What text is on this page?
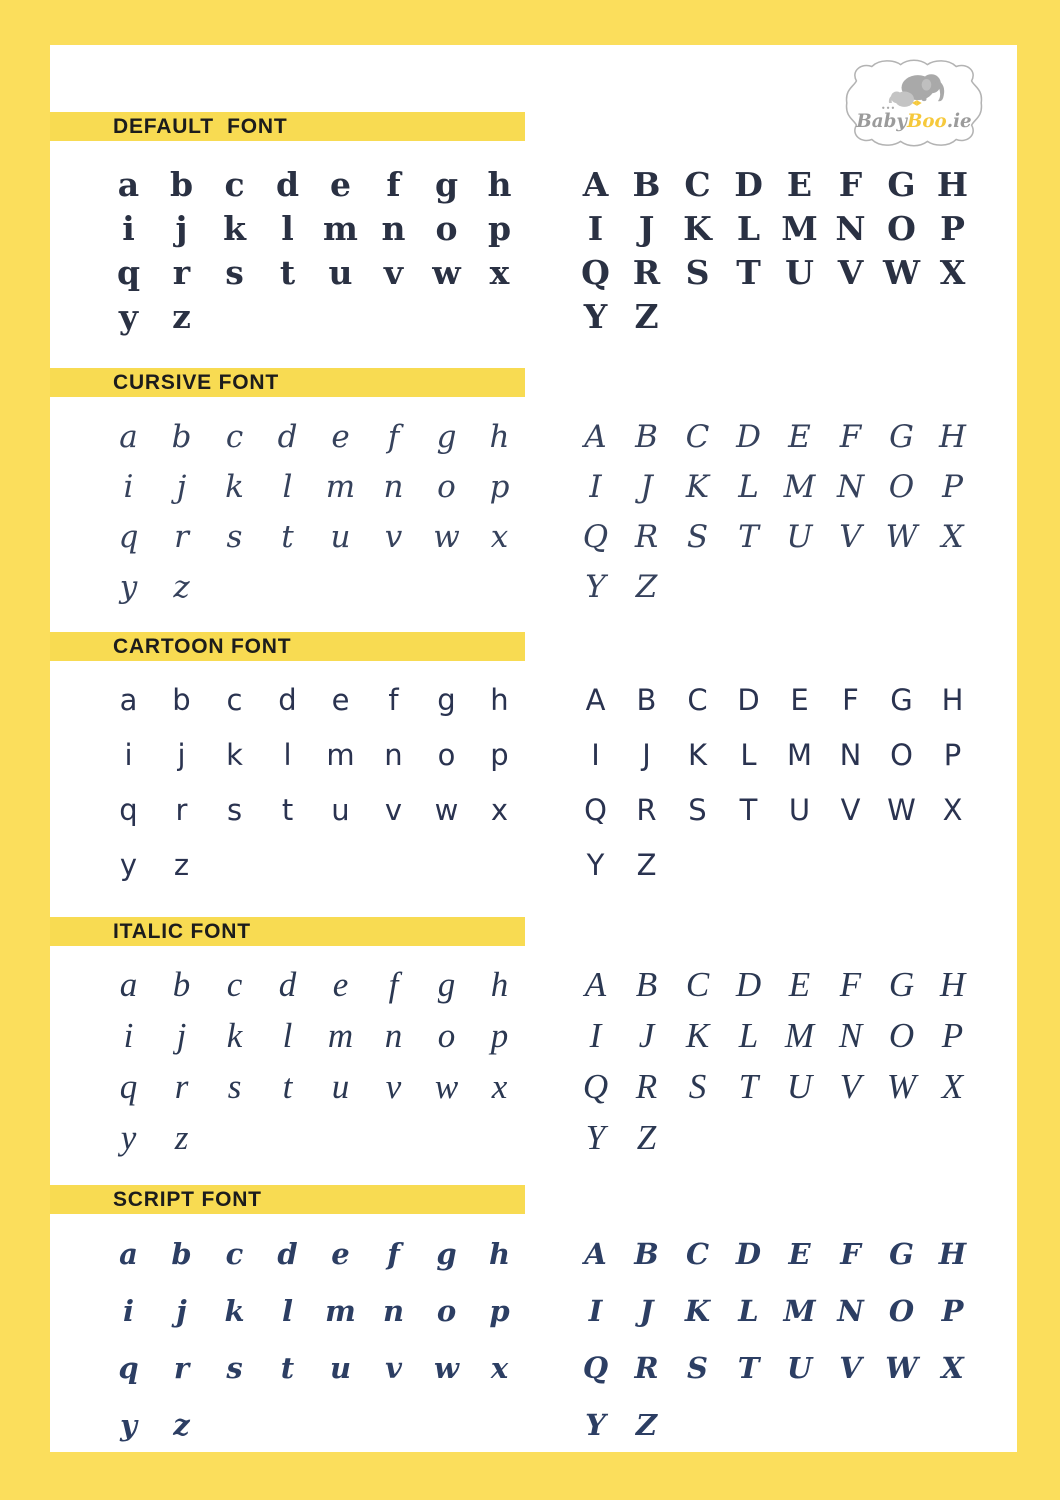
BabyBoo.ie
DEFAULT  FONT
a b c d e	f	g h
i	j	k	l m n o p
q r	s	t	u v w x
y	z
A B C D E F G H
I	J K L M N O P
Q R S T U V W X
Y Z
CURSIVE FONT
a	b	c	d	e	f	g	h
i	j	k	l	m n	o	p
q	r	s	t	u	v w x
y	z
A B C D E F G H
I	J	K L M N O P
Q R S T U V W X
Y Z
CARTOON FONT
a	b	c	d	e	f	g	h
i	j	k	l	m	n	o	p
q	r	s	t	u	v	w	x
y	z
A	B	C	D	E	F	G H
I	J	K	L	M N O	P
Q	R	S	T	U	V W X
Y	Z
ITALIC FONT
a	b	c	d	e	f	g	h
i	j	k	l	m n	o	p
q	r	s	t	u	v w x
y	z
A B C D E F G H
I	J K L M N O P
Q R S T U V W X
Y Z
SCRIPT FONT
a	b	c	d	e	f	g	h
i	j	k	l	m n	o	p
q	r	s	t	u	v	w	x
y	z
A B C D E	F G H
I	J	K L M N O P
Q R S	T U V W X
Y	Z
